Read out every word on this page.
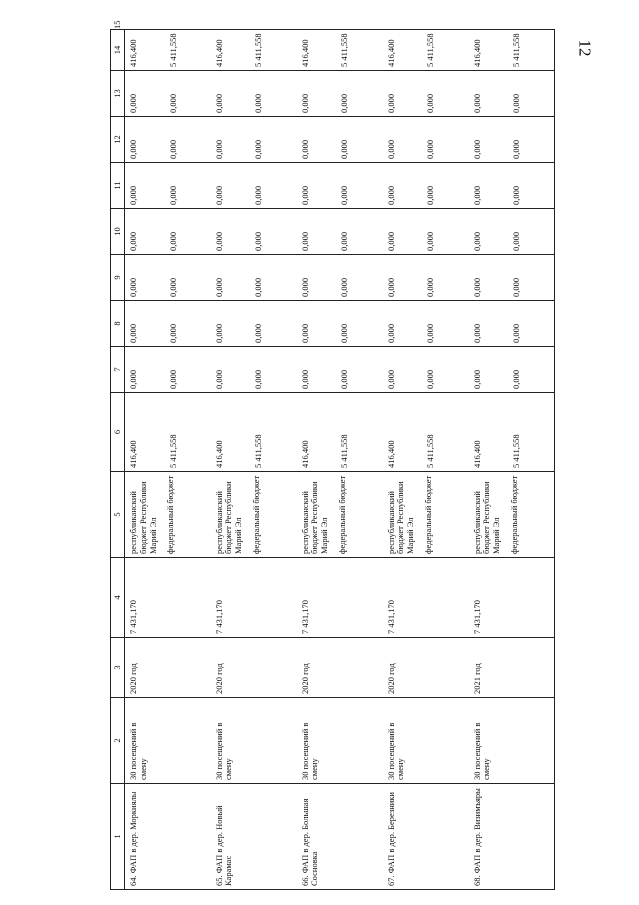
12
1	2	3	4	5	6	7	8	9	10	11	12	13	14	15
64. ФАП в дер. Моркиялы	30 посещений в смену	2020 год	7 431,170	республиканский бюджет Республики Марий Эл федеральный бюджет	416,400 5 411,558	0,000 0,000	0,000 0,000	0,000 0,000	0,000 0,000	0,000 0,000	0,000 0,000	0,000 0,000	416,400 5 411,558	

65. ФАП в дер. Новый Карамас	30 посещений в смену	2020 год	7 431,170	республиканский бюджет Республики Марий Эл федеральный бюджет	416,400 5 411,558	0,000 0,000	0,000 0,000	0,000 0,000	0,000 0,000	0,000 0,000	0,000 0,000	0,000 0,000	416,400 5 411,558	

66. ФАП в дер. Большая Сосновка	30 посещений в смену	2020 год	7 431,170	республиканский бюджет Республики Марий Эл федеральный бюджет	416,400 5 411,558	0,000 0,000	0,000 0,000	0,000 0,000	0,000 0,000	0,000 0,000	0,000 0,000	0,000 0,000	416,400 5 411,558	

67. ФАП в дер. Березники	30 посещений в смену	2020 год	7 431,170	республиканский бюджет Республики Марий Эл федеральный бюджет	416,400 5 411,558	0,000 0,000	0,000 0,000	0,000 0,000	0,000 0,000	0,000 0,000	0,000 0,000	0,000 0,000	416,400 5 411,558	

68. ФАП в дер. Визимъяры	30 посещений в смену	2021 год	7 431,170	республиканский бюджет Республики Марий Эл федеральный бюджет	416,400 5 411,558	0,000 0,000	0,000 0,000	0,000 0,000	0,000 0,000	0,000 0,000	0,000 0,000	0,000 0,000	416,400 5 411,558	
